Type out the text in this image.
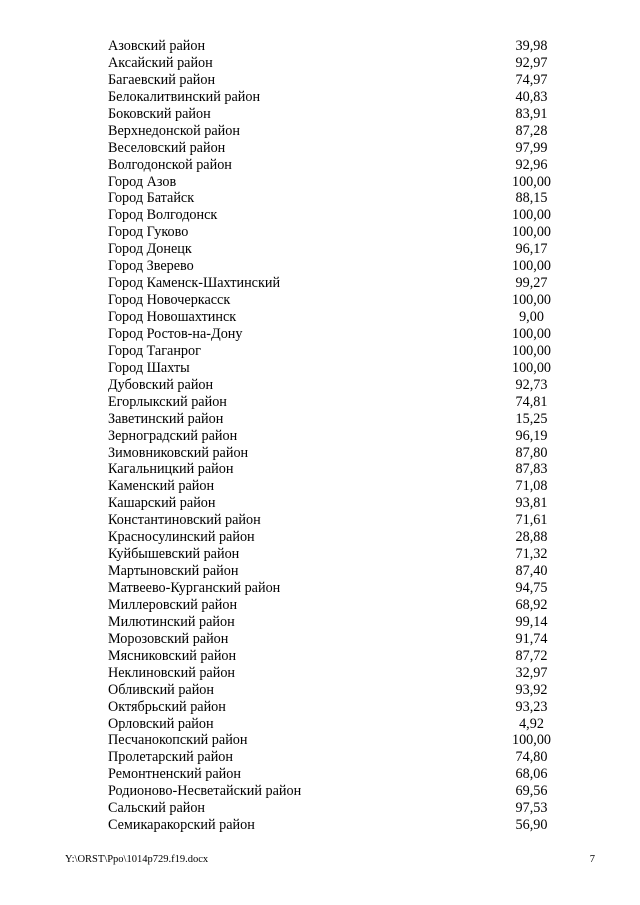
Азовский район	39,98
Аксайский район	92,97
Багаевский район	74,97
Белокалитвинский район	40,83
Боковский район	83,91
Верхнедонской район	87,28
Веселовский район	97,99
Волгодонской район	92,96
Город Азов	100,00
Город Батайск	88,15
Город Волгодонск	100,00
Город Гуково	100,00
Город Донецк	96,17
Город Зверево	100,00
Город Каменск-Шахтинский	99,27
Город Новочеркасск	100,00
Город Новошахтинск	9,00
Город Ростов-на-Дону	100,00
Город Таганрог	100,00
Город Шахты	100,00
Дубовский район	92,73
Егорлыкский район	74,81
Заветинский район	15,25
Зерноградский район	96,19
Зимовниковский район	87,80
Кагальницкий район	87,83
Каменский район	71,08
Кашарский район	93,81
Константиновский район	71,61
Красносулинский район	28,88
Куйбышевский район	71,32
Мартыновский район	87,40
Матвеево-Курганский район	94,75
Миллеровский район	68,92
Милютинский район	99,14
Морозовский район	91,74
Мясниковский район	87,72
Неклиновский район	32,97
Обливский район	93,92
Октябрьский район	93,23
Орловский район	4,92
Песчанокопский район	100,00
Пролетарский район	74,80
Ремонтненский район	68,06
Родионово-Несветайский район	69,56
Сальский район	97,53
Семикаракорский район	56,90
Y:\ORST\Ppo\1014p729.f19.docx	7
